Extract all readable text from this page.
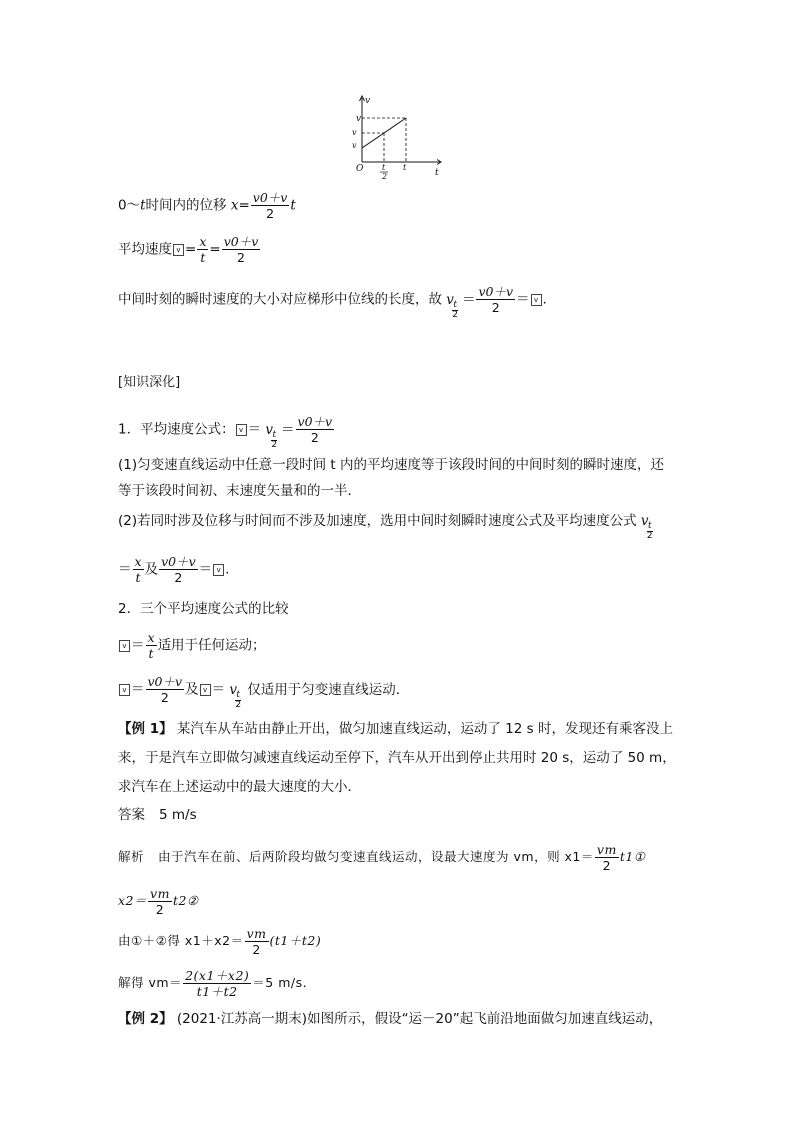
v
t
v
v
v
O t
2
t
0～t时间内的位移 $x= \frac{v0+v}{2}$ t
平均速度 $v = \frac{x}{t} = \frac{v0+v}{2}$
中间时刻的瞬时速度的大小对应梯形中位线的长度，故 v t
2
＝ $\frac{v0+v}{2} = v$ .
[知识深化]
1．平均速度公式： v ＝ v t
2
＝ $\frac{v0+v}{2}$
(1)匀变速直线运动中任意一段时间 t 内的平均速度等于该段时间的中间时刻的瞬时速度，还
等于该段时间初、末速度矢量和的一半．
(2)若同时涉及位移与时间而不涉及加速度，选用中间时刻瞬时速度公式及平均速度公式 v t
2
＝ $\frac{x}{t}$ 及 $\frac{v0+v}{2} = v$ .
2．三个平均速度公式的比较
$v = \frac{x}{t}$ 适用于任何运动；
$v = \frac{v0+v}{2}$ 及 v ＝ v t
2
仅适用于匀变速直线运动．
【例 1】 某汽车从车站由静止开出，做匀加速直线运动，运动了 12 s 时，发现还有乘客没上
来，于是汽车立即做匀减速直线运动至停下，汽车从开出到停止共用时 20 s，运动了 50 m，
求汽车在上述运动中的最大速度的大小．
答案 5 m/s
解析 由于汽车在前、后两阶段均做匀变速直线运动，设最大速度为 vm，则 $x1= \frac{vm}{2}$ t1①
$x2= \frac{vm}{2}$ t2②
由①＋②得 $x1+x2= \frac{vm}{2} (t1+t2)$
解得 $vm= \frac{2(x1+x2)}{t1+t2} =5$ m/s.
【例 2】 (2021·江苏高一期末)如图所示，假设“运－20”起飞前沿地面做匀加速直线运动，
